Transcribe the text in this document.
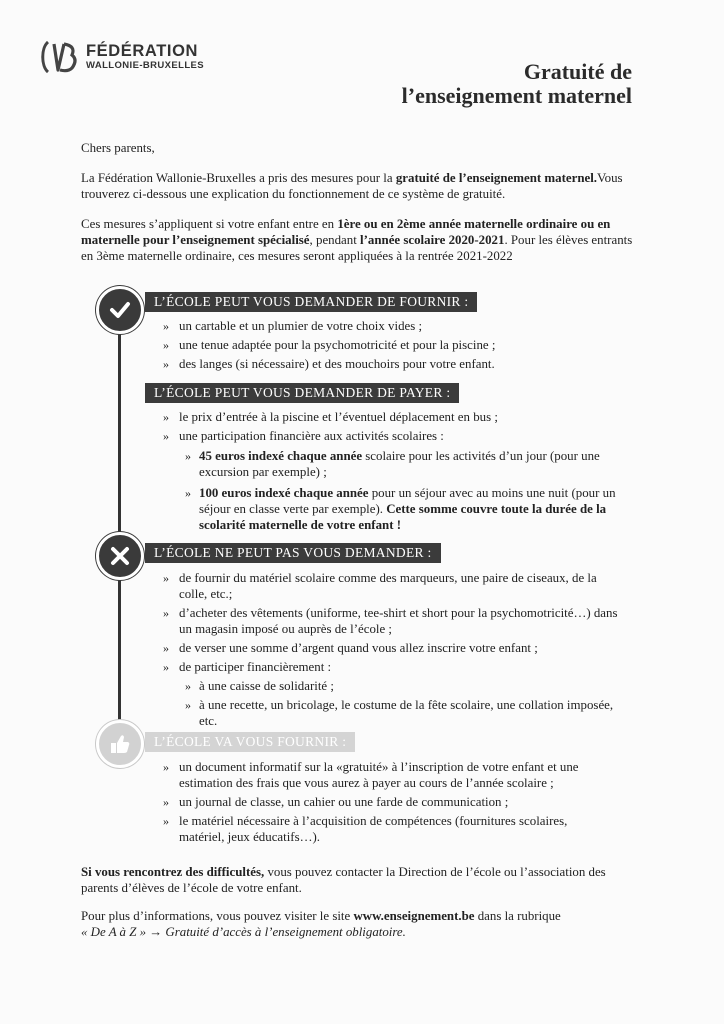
FÉDÉRATION
WALLONIE-BRUXELLES	Gratuité de
l’enseignement maternel

Chers parents,

La Fédération Wallonie-Bruxelles a pris des mesures pour la gratuité de l’enseignement maternel.Vous trouverez ci-dessous une explication du fonctionnement de ce système de gratuité.

Ces mesures s’appliquent si votre enfant entre en 1ère ou en 2ème année maternelle ordinaire ou en maternelle pour l’enseignement spécialisé, pendant l’année scolaire 2020-2021. Pour les élèves entrants en 3ème maternelle ordinaire, ces mesures seront appliquées à la rentrée 2021-2022

L’ÉCOLE PEUT VOUS DEMANDER DE FOURNIR :
» un cartable et un plumier de votre choix vides ;
» une tenue adaptée pour la psychomotricité et pour la piscine ;
» des langes (si nécessaire) et des mouchoirs pour votre enfant.
L’ÉCOLE PEUT VOUS DEMANDER DE PAYER :
» le prix d’entrée à la piscine et l’éventuel déplacement en bus ;
» une participation financière aux activités scolaires :
» 45 euros indexé chaque année scolaire pour les activités d’un jour (pour une excursion par exemple) ;
» 100 euros indexé chaque année pour un séjour avec au moins une nuit (pour un séjour en classe verte par exemple). Cette somme couvre toute la durée de la scolarité maternelle de votre enfant !
L’ÉCOLE NE PEUT PAS VOUS DEMANDER :
» de fournir du matériel scolaire comme des marqueurs, une paire de ciseaux, de la colle, etc.;
» d’acheter des vêtements (uniforme, tee-shirt et short pour la psychomotricité…) dans un magasin imposé ou auprès de l’école ;
» de verser une somme d’argent quand vous allez inscrire votre enfant ;
» de participer financièrement :
» à une caisse de solidarité ;
» à une recette, un bricolage, le costume de la fête scolaire, une collation imposée, etc.
L’ÉCOLE VA VOUS FOURNIR :
» un document informatif sur la «gratuité» à l’inscription de votre enfant et une estimation des frais que vous aurez à payer au cours de l’année scolaire ;
» un journal de classe, un cahier ou une farde de communication ;
» le matériel nécessaire à l’acquisition de compétences (fournitures scolaires, matériel, jeux éducatifs…).

Si vous rencontrez des difficultés, vous pouvez contacter la Direction de l’école ou l’association des parents d’élèves de l’école de votre enfant.

Pour plus d’informations, vous pouvez visiter le site www.enseignement.be dans la rubrique
« De A à Z » → Gratuité d’accès à l’enseignement obligatoire.
